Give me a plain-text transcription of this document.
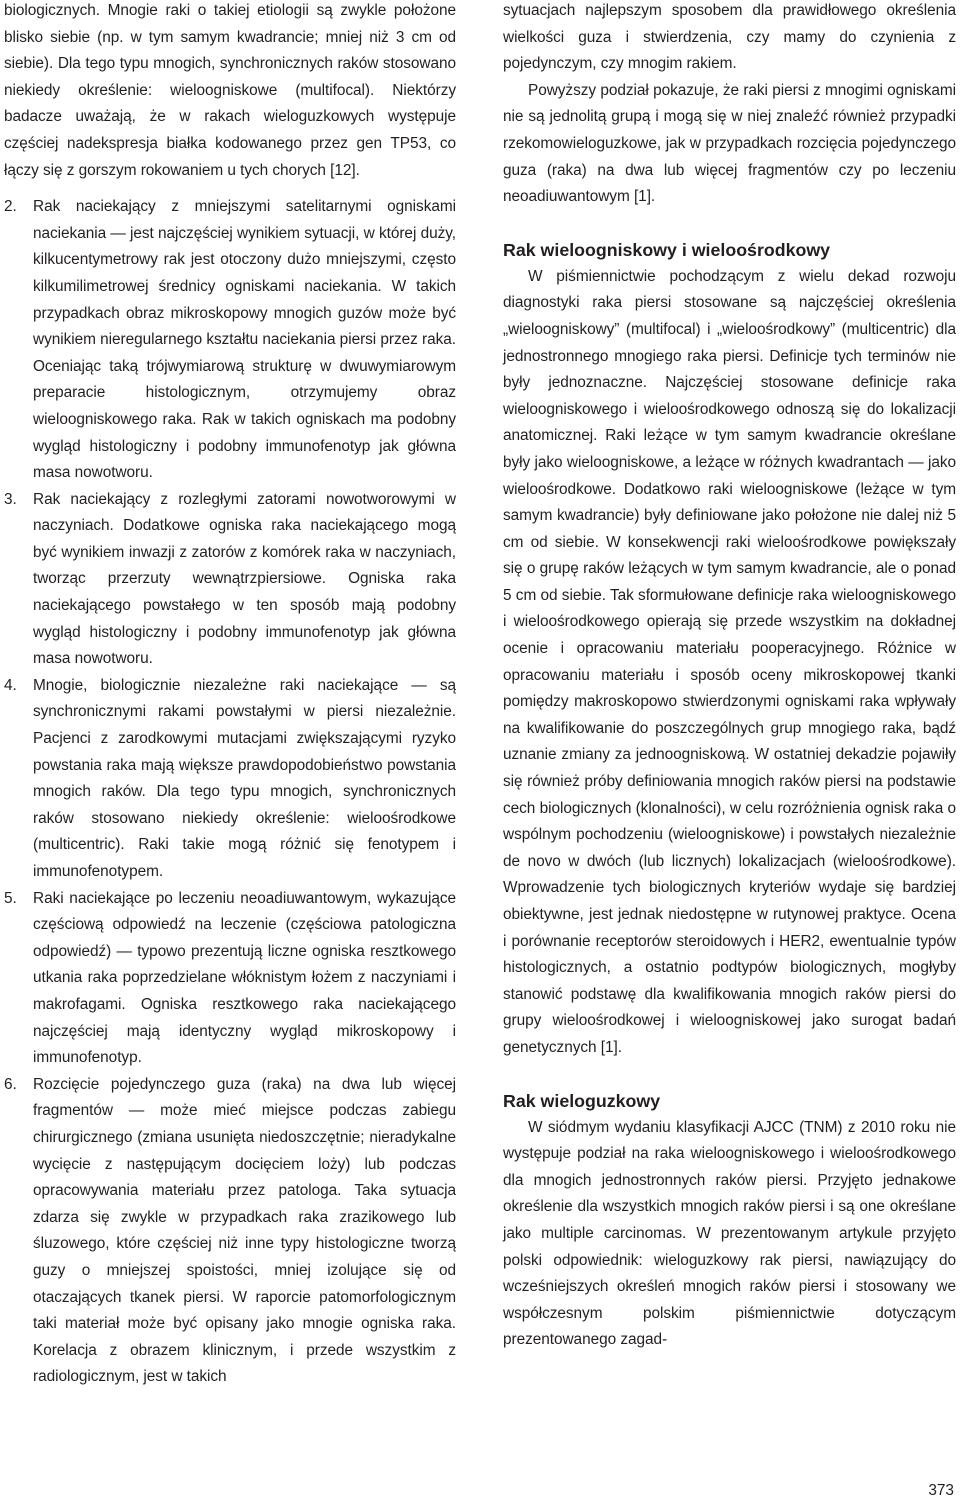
biologicznych. Mnogie raki o takiej etiologii są zwykle położone blisko siebie (np. w tym samym kwadrancie; mniej niż 3 cm od siebie). Dla tego typu mnogich, synchronicznych raków stosowano niekiedy określenie: wieloogniskowe (multifocal). Niektórzy badacze uważają, że w rakach wieloguzkowych występuje częściej nadekspresja białka kodowanego przez gen TP53, co łączy się z gorszym rokowaniem u tych chorych [12].

2.	Rak naciekający z mniejszymi satelitarnymi ogniskami naciekania — jest najczęściej wynikiem sytuacji, w której duży, kilkucentymetrowy rak jest otoczony dużo mniejszymi, często kilkumilimetrowej średnicy ogniskami naciekania. W takich przypadkach obraz mikroskopowy mnogich guzów może być wynikiem nieregularnego kształtu naciekania piersi przez raka. Oceniając taką trójwymiarową strukturę w dwuwymiarowym preparacie histologicznym, otrzymujemy obraz wieloogniskowego raka. Rak w takich ogniskach ma podobny wygląd histologiczny i podobny immunofenotyp jak główna masa nowotworu.

3.	Rak naciekający z rozległymi zatorami nowotworowymi w naczyniach. Dodatkowe ogniska raka naciekającego mogą być wynikiem inwazji z zatorów z komórek raka w naczyniach, tworząc przerzuty wewnątrzpiersiowe. Ogniska raka naciekającego powstałego w ten sposób mają podobny wygląd histologiczny i podobny immunofenotyp jak główna masa nowotworu.

4.	Mnogie, biologicznie niezależne raki naciekające — są synchronicznymi rakami powstałymi w piersi niezależnie. Pacjenci z zarodkowymi mutacjami zwiększającymi ryzyko powstania raka mają większe prawdopodobieństwo powstania mnogich raków. Dla tego typu mnogich, synchronicznych raków stosowano niekiedy określenie: wieloośrodkowe (multicentric). Raki takie mogą różnić się fenotypem i immunofenotypem.

5.	Raki naciekające po leczeniu neoadiuwantowym, wykazujące częściową odpowiedź na leczenie (częściowa patologiczna odpowiedź) — typowo prezentują liczne ogniska resztkowego utkania raka poprzedzielane włóknistym łożem z naczyniami i makrofagami. Ogniska resztkowego raka naciekającego najczęściej mają identyczny wygląd mikroskopowy i immunofenotyp.

6.	Rozcięcie pojedynczego guza (raka) na dwa lub więcej fragmentów — może mieć miejsce podczas zabiegu chirurgicznego (zmiana usunięta niedoszczętnie; nieradykalne wycięcie z następującym docięciem loży) lub podczas opracowywania materiału przez patologa. Taka sytuacja zdarza się zwykle w przypadkach raka zrazikowego lub śluzowego, które częściej niż inne typy histologiczne tworzą guzy o mniejszej spoistości, mniej izolujące się od otaczających tkanek piersi. W raporcie patomorfologicznym taki materiał może być opisany jako mnogie ogniska raka. Korelacja z obrazem klinicznym, i przede wszystkim z radiologicznym, jest w takich

sytuacjach najlepszym sposobem dla prawidłowego określenia wielkości guza i stwierdzenia, czy mamy do czynienia z pojedynczym, czy mnogim rakiem.

Powyższy podział pokazuje, że raki piersi z mnogimi ogniskami nie są jednolitą grupą i mogą się w niej znaleźć również przypadki rzekomowieloguzkowe, jak w przypadkach rozcięcia pojedynczego guza (raka) na dwa lub więcej fragmentów czy po leczeniu neoadiuwantowym [1].

Rak wieloogniskowy i wieloośrodkowy

W piśmiennictwie pochodzącym z wielu dekad rozwoju diagnostyki raka piersi stosowane są najczęściej określenia „wieloogniskowy” (multifocal) i „wieloośrodkowy” (multicentric) dla jednostronnego mnogiego raka piersi. Definicje tych terminów nie były jednoznaczne. Najczęściej stosowane definicje raka wieloogniskowego i wieloośrodkowego odnoszą się do lokalizacji anatomicznej. Raki leżące w tym samym kwadrancie określane były jako wieloogniskowe, a leżące w różnych kwadrantach — jako wieloośrodkowe. Dodatkowo raki wieloogniskowe (leżące w tym samym kwadrancie) były definiowane jako położone nie dalej niż 5 cm od siebie. W konsekwencji raki wieloośrodkowe powiększały się o grupę raków leżących w tym samym kwadrancie, ale o ponad 5 cm od siebie. Tak sformułowane definicje raka wieloogniskowego i wieloośrodkowego opierają się przede wszystkim na dokładnej ocenie i opracowaniu materiału pooperacyjnego. Różnice w opracowaniu materiału i sposób oceny mikroskopowej tkanki pomiędzy makroskopowo stwierdzonymi ogniskami raka wpływały na kwalifikowanie do poszczególnych grup mnogiego raka, bądź uznanie zmiany za jednoogniskową. W ostatniej dekadzie pojawiły się również próby definiowania mnogich raków piersi na podstawie cech biologicznych (klonalności), w celu rozróżnienia ognisk raka o wspólnym pochodzeniu (wieloogniskowe) i powstałych niezależnie de novo w dwóch (lub licznych) lokalizacjach (wieloośrodkowe). Wprowadzenie tych biologicznych kryteriów wydaje się bardziej obiektywne, jest jednak niedostępne w rutynowej praktyce. Ocena i porównanie receptorów steroidowych i HER2, ewentualnie typów histologicznych, a ostatnio podtypów biologicznych, mogłyby stanowić podstawę dla kwalifikowania mnogich raków piersi do grupy wieloośrodkowej i wieloogniskowej jako surogat badań genetycznych [1].

Rak wieloguzkowy

W siódmym wydaniu klasyfikacji AJCC (TNM) z 2010 roku nie występuje podział na raka wieloogniskowego i wieloośrodkowego dla mnogich jednostronnych raków piersi. Przyjęto jednakowe określenie dla wszystkich mnogich raków piersi i są one określane jako multiple carcinomas. W prezentowanym artykule przyjęto polski odpowiednik: wieloguzkowy rak piersi, nawiązujący do wcześniejszych określeń mnogich raków piersi i stosowany we współczesnym polskim piśmiennictwie dotyczącym prezentowanego zagad-

373
